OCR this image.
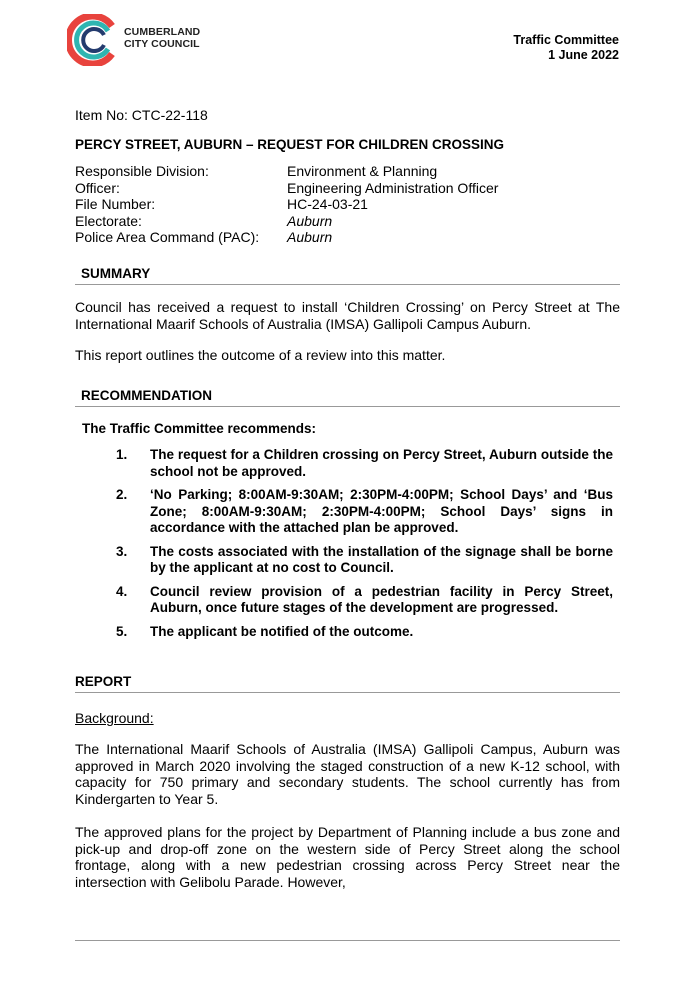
CUMBERLAND
CITY COUNCIL	Traffic Committee
1 June 2022
Item No: CTC-22-118
PERCY STREET, AUBURN – REQUEST FOR CHILDREN CROSSING
Responsible Division:	Environment & Planning
Officer:	Engineering Administration Officer
File Number:	HC-24-03-21
Electorate:	Auburn
Police Area Command (PAC):	Auburn
SUMMARY
Council has received a request to install ‘Children Crossing’ on Percy Street at The International Maarif Schools of Australia (IMSA) Gallipoli Campus Auburn.
This report outlines the outcome of a review into this matter.
RECOMMENDATION
The Traffic Committee recommends:
1.	The request for a Children crossing on Percy Street, Auburn outside the school not be approved.
2.	‘No Parking; 8:00AM-9:30AM; 2:30PM-4:00PM; School Days’ and ‘Bus Zone; 8:00AM-9:30AM; 2:30PM-4:00PM; School Days’ signs in accordance with the attached plan be approved.
3.	The costs associated with the installation of the signage shall be borne by the applicant at no cost to Council.
4.	Council review provision of a pedestrian facility in Percy Street, Auburn, once future stages of the development are progressed.
5.	The applicant be notified of the outcome.
REPORT
Background:
The International Maarif Schools of Australia (IMSA) Gallipoli Campus, Auburn was approved in March 2020 involving the staged construction of a new K-12 school, with capacity for 750 primary and secondary students. The school currently has from Kindergarten to Year 5.
The approved plans for the project by Department of Planning include a bus zone and pick-up and drop-off zone on the western side of Percy Street along the school frontage, along with a new pedestrian crossing across Percy Street near the intersection with Gelibolu Parade. However,
